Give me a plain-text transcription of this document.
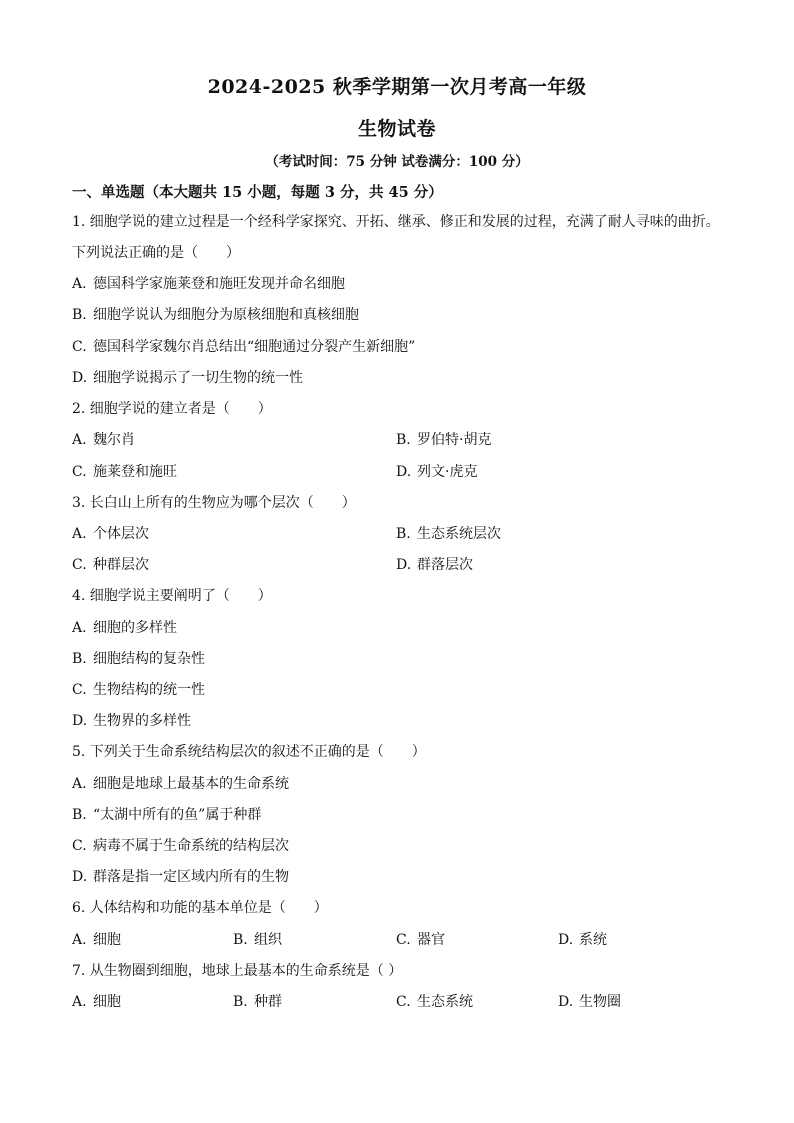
2024-2025 秋季学期第一次月考高一年级
生物试卷
（考试时间：75 分钟 试卷满分：100 分）
一、单选题（本大题共 15 小题，每题 3 分，共 45 分）
1. 细胞学说的建立过程是一个经科学家探究、开拓、继承、修正和发展的过程，充满了耐人寻味的曲折。
下列说法正确的是（　　）
A. 德国科学家施莱登和施旺发现并命名细胞
B. 细胞学说认为细胞分为原核细胞和真核细胞
C. 德国科学家魏尔肖总结出“细胞通过分裂产生新细胞”
D. 细胞学说揭示了一切生物的统一性
2. 细胞学说的建立者是（　　）
A. 魏尔肖	B. 罗伯特·胡克
C. 施莱登和施旺	D. 列文·虎克
3. 长白山上所有的生物应为哪个层次（　　）
A. 个体层次	B. 生态系统层次
C. 种群层次	D. 群落层次
4. 细胞学说主要阐明了（　　）
A. 细胞的多样性
B. 细胞结构的复杂性
C. 生物结构的统一性
D. 生物界的多样性
5. 下列关于生命系统结构层次的叙述不正确的是（　　）
A. 细胞是地球上最基本的生命系统
B. “太湖中所有的鱼”属于种群
C. 病毒不属于生命系统的结构层次
D. 群落是指一定区域内所有的生物
6. 人体结构和功能的基本单位是（　　）
A. 细胞	B. 组织	C. 器官	D. 系统
7. 从生物圈到细胞，地球上最基本的生命系统是（ ）
A. 细胞	B. 种群	C. 生态系统	D. 生物圈
